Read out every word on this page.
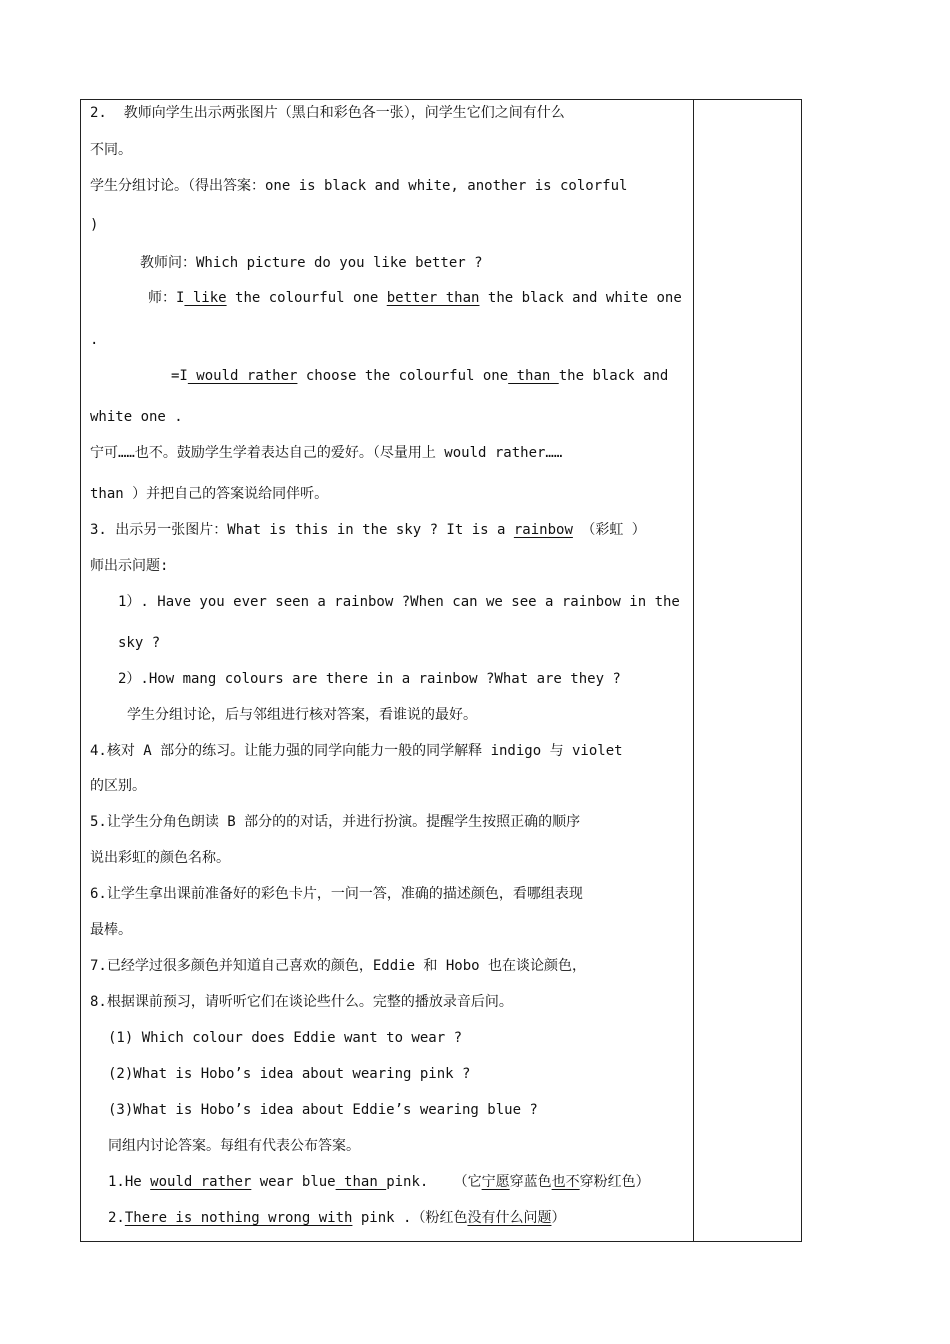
2.  教师向学生出示两张图片（黑白和彩色各一张），问学生它们之间有什么
不同。
学生分组讨论。（得出答案：one is black and white, another is colorful
)
教师问：Which picture do you like better ?
师：I like the colourful one better than the black and white one
.
=I would rather choose the colourful one than the black and
white one .
宁可……也不。鼓励学生学着表达自己的爱好。（尽量用上 would rather……
than ）并把自己的答案说给同伴听。
3. 出示另一张图片：What is this in the sky ? It is a rainbow （彩虹 ）
师出示问题:
1）. Have you ever seen a rainbow ?When can we see a rainbow in the
sky ?
2）.How mang colours are there in a rainbow ?What are they ?
学生分组讨论，后与邻组进行核对答案，看谁说的最好。
4.核对 A 部分的练习。让能力强的同学向能力一般的同学解释 indigo 与 violet
的区别。
5.让学生分角色朗读 B 部分的的对话，并进行扮演。提醒学生按照正确的顺序
说出彩虹的颜色名称。
6.让学生拿出课前准备好的彩色卡片，一问一答，准确的描述颜色，看哪组表现
最棒。
7.已经学过很多颜色并知道自己喜欢的颜色，Eddie 和 Hobo 也在谈论颜色，
8.根据课前预习，请听听它们在谈论些什么。完整的播放录音后问。
(1) Which colour does Eddie want to wear ?
(2)What is Hobo’s idea about wearing pink ?
(3)What is Hobo’s idea about Eddie’s wearing blue ?
同组内讨论答案。每组有代表公布答案。
1.He would rather wear blue than pink.   （它宁愿穿蓝色也不穿粉红色）
2.There is nothing wrong with pink .（粉红色没有什么问题）
